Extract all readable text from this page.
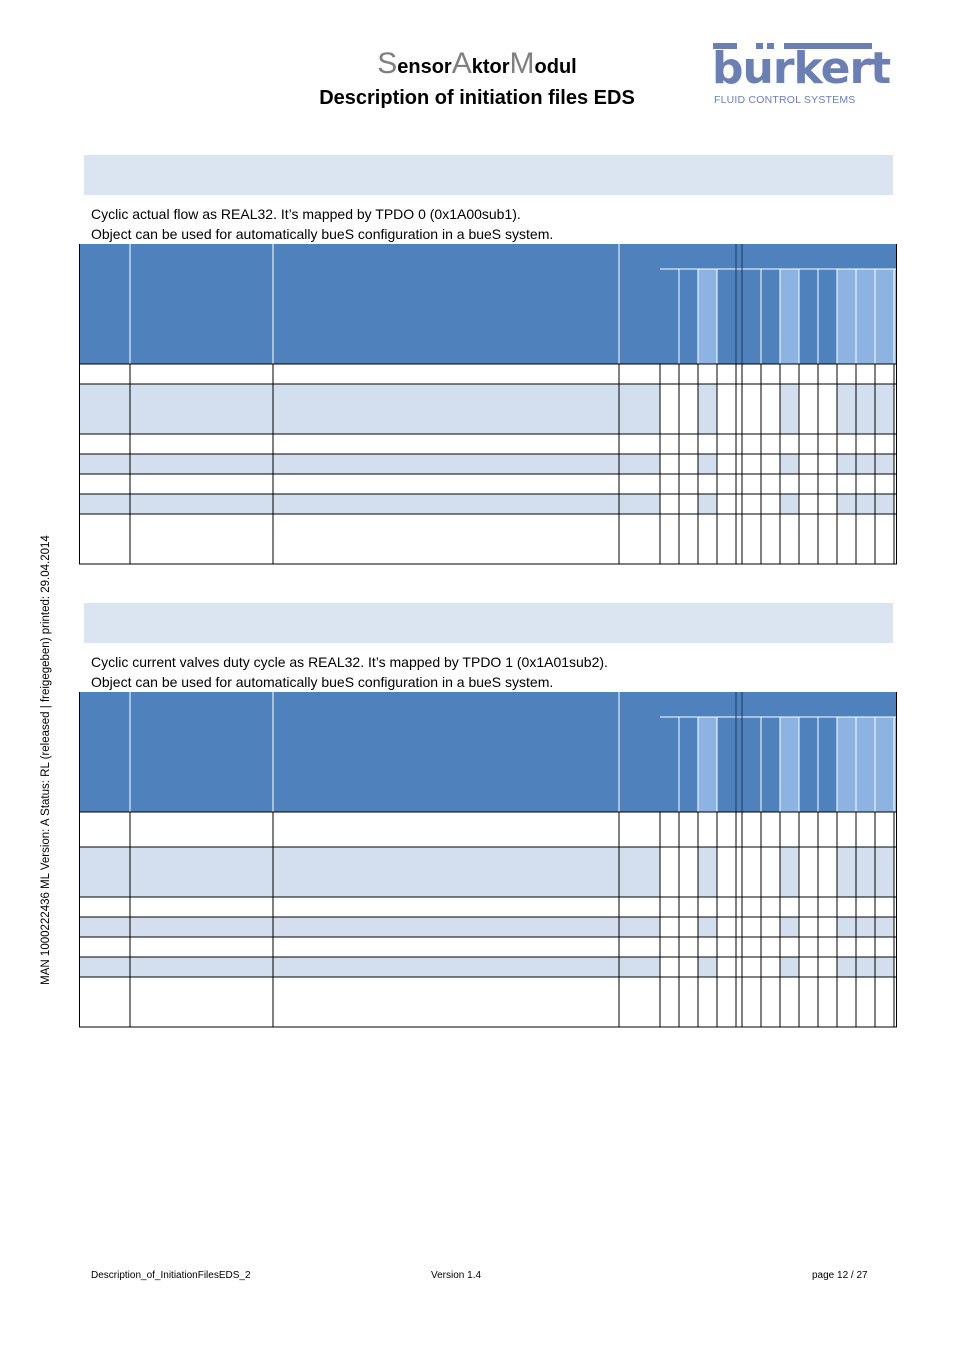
SensorAktorModul
Description of initiation files EDS
burkert
FLUID CONTROL SYSTEMS
MAN 1000222436 ML Version: A Status: RL (released | freigegeben) printed: 29.04.2014
Cyclic actual flow as REAL32. It’s mapped by TPDO 0 (0x1A00sub1).
Object can be used for automatically bueS configuration in a bueS system.
Cyclic current valves duty cycle as REAL32. It’s mapped by TPDO 1 (0x1A01sub2).
Object can be used for automatically bueS configuration in a bueS system.
Description_of_InitiationFilesEDS_2	Version 1.4	page 12 / 27
